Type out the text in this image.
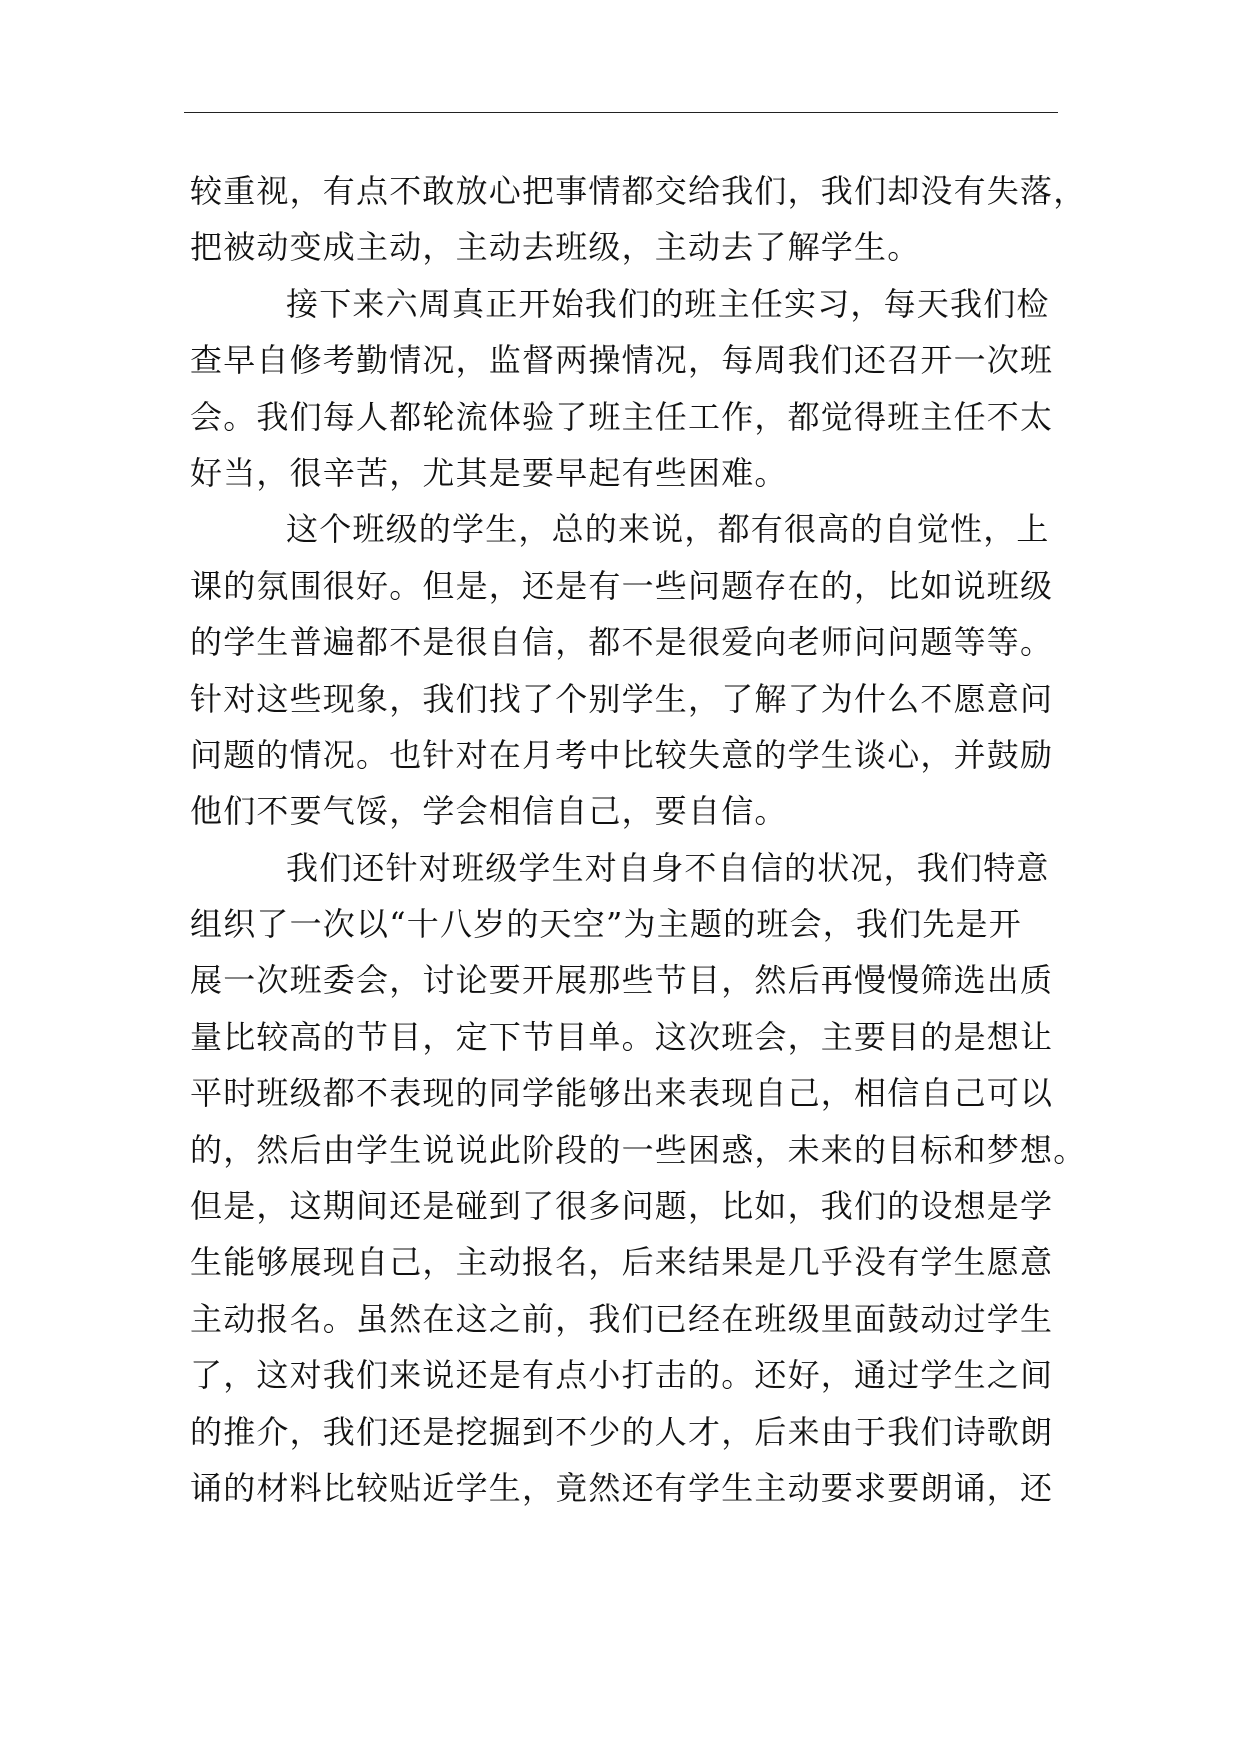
较重视，有点不敢放心把事情都交给我们，我们却没有失落，
把被动变成主动，主动去班级，主动去了解学生。
接下来六周真正开始我们的班主任实习，每天我们检
查早自修考勤情况，监督两操情况，每周我们还召开一次班
会。我们每人都轮流体验了班主任工作，都觉得班主任不太
好当，很辛苦，尤其是要早起有些困难。
这个班级的学生，总的来说，都有很高的自觉性，上
课的氛围很好。但是，还是有一些问题存在的，比如说班级
的学生普遍都不是很自信，都不是很爱向老师问问题等等。
针对这些现象，我们找了个别学生，了解了为什么不愿意问
问题的情况。也针对在月考中比较失意的学生谈心，并鼓励
他们不要气馁，学会相信自己，要自信。
我们还针对班级学生对自身不自信的状况，我们特意
组织了一次以“十八岁的天空”为主题的班会，我们先是开
展一次班委会，讨论要开展那些节目，然后再慢慢筛选出质
量比较高的节目，定下节目单。这次班会，主要目的是想让
平时班级都不表现的同学能够出来表现自己，相信自己可以
的，然后由学生说说此阶段的一些困惑，未来的目标和梦想。
但是，这期间还是碰到了很多问题，比如，我们的设想是学
生能够展现自己，主动报名，后来结果是几乎没有学生愿意
主动报名。虽然在这之前，我们已经在班级里面鼓动过学生
了，这对我们来说还是有点小打击的。还好，通过学生之间
的推介，我们还是挖掘到不少的人才，后来由于我们诗歌朗
诵的材料比较贴近学生，竟然还有学生主动要求要朗诵，还
